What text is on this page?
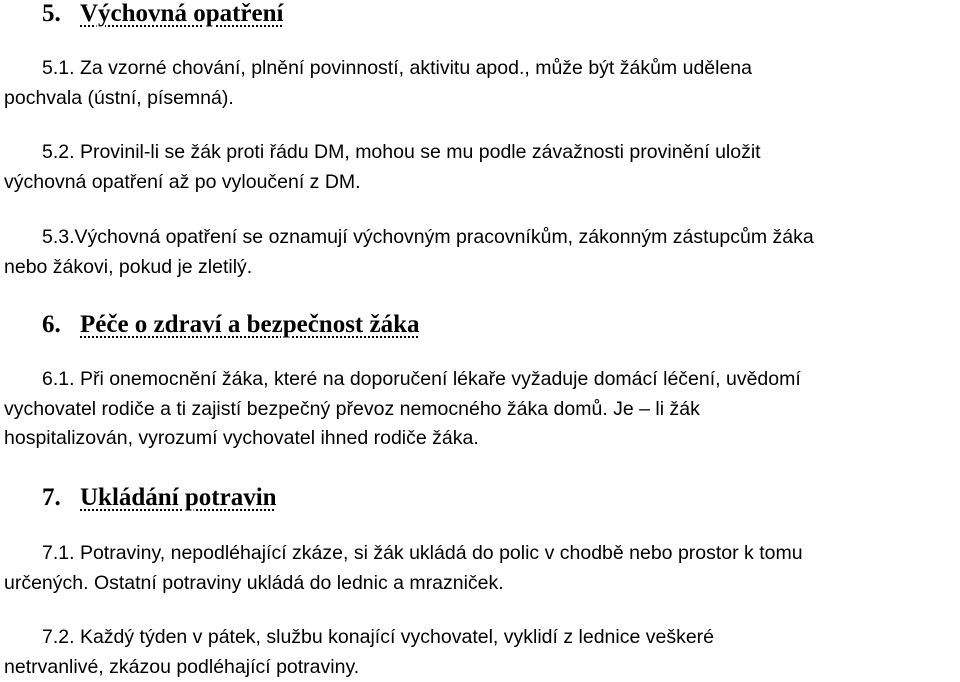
5. Výchovná opatření
5.1. Za vzorné chování, plnění povinností, aktivitu apod., může být žákům udělena
pochvala (ústní, písemná).
5.2. Provinil-li se žák proti řádu DM, mohou se mu podle závažnosti provinění uložit
výchovná opatření až po vyloučení z DM.
5.3.Výchovná opatření se oznamují výchovným pracovníkům, zákonným zástupcům žáka
nebo žákovi, pokud je zletilý.
6. Péče o zdraví a bezpečnost žáka
6.1. Při onemocnění žáka, které na doporučení lékaře vyžaduje domácí léčení, uvědomí
vychovatel rodiče a ti zajistí bezpečný převoz nemocného žáka domů. Je – li žák
hospitalizován, vyrozumí vychovatel ihned rodiče žáka.
7. Ukládání potravin
7.1. Potraviny, nepodléhající zkáze, si žák ukládá do polic v chodbě nebo prostor k tomu
určených. Ostatní potraviny ukládá do lednic a mrazniček.
7.2. Každý týden v pátek, službu konající vychovatel, vyklidí z lednice veškeré
netrvanlivé, zkázou podléhající potraviny.
